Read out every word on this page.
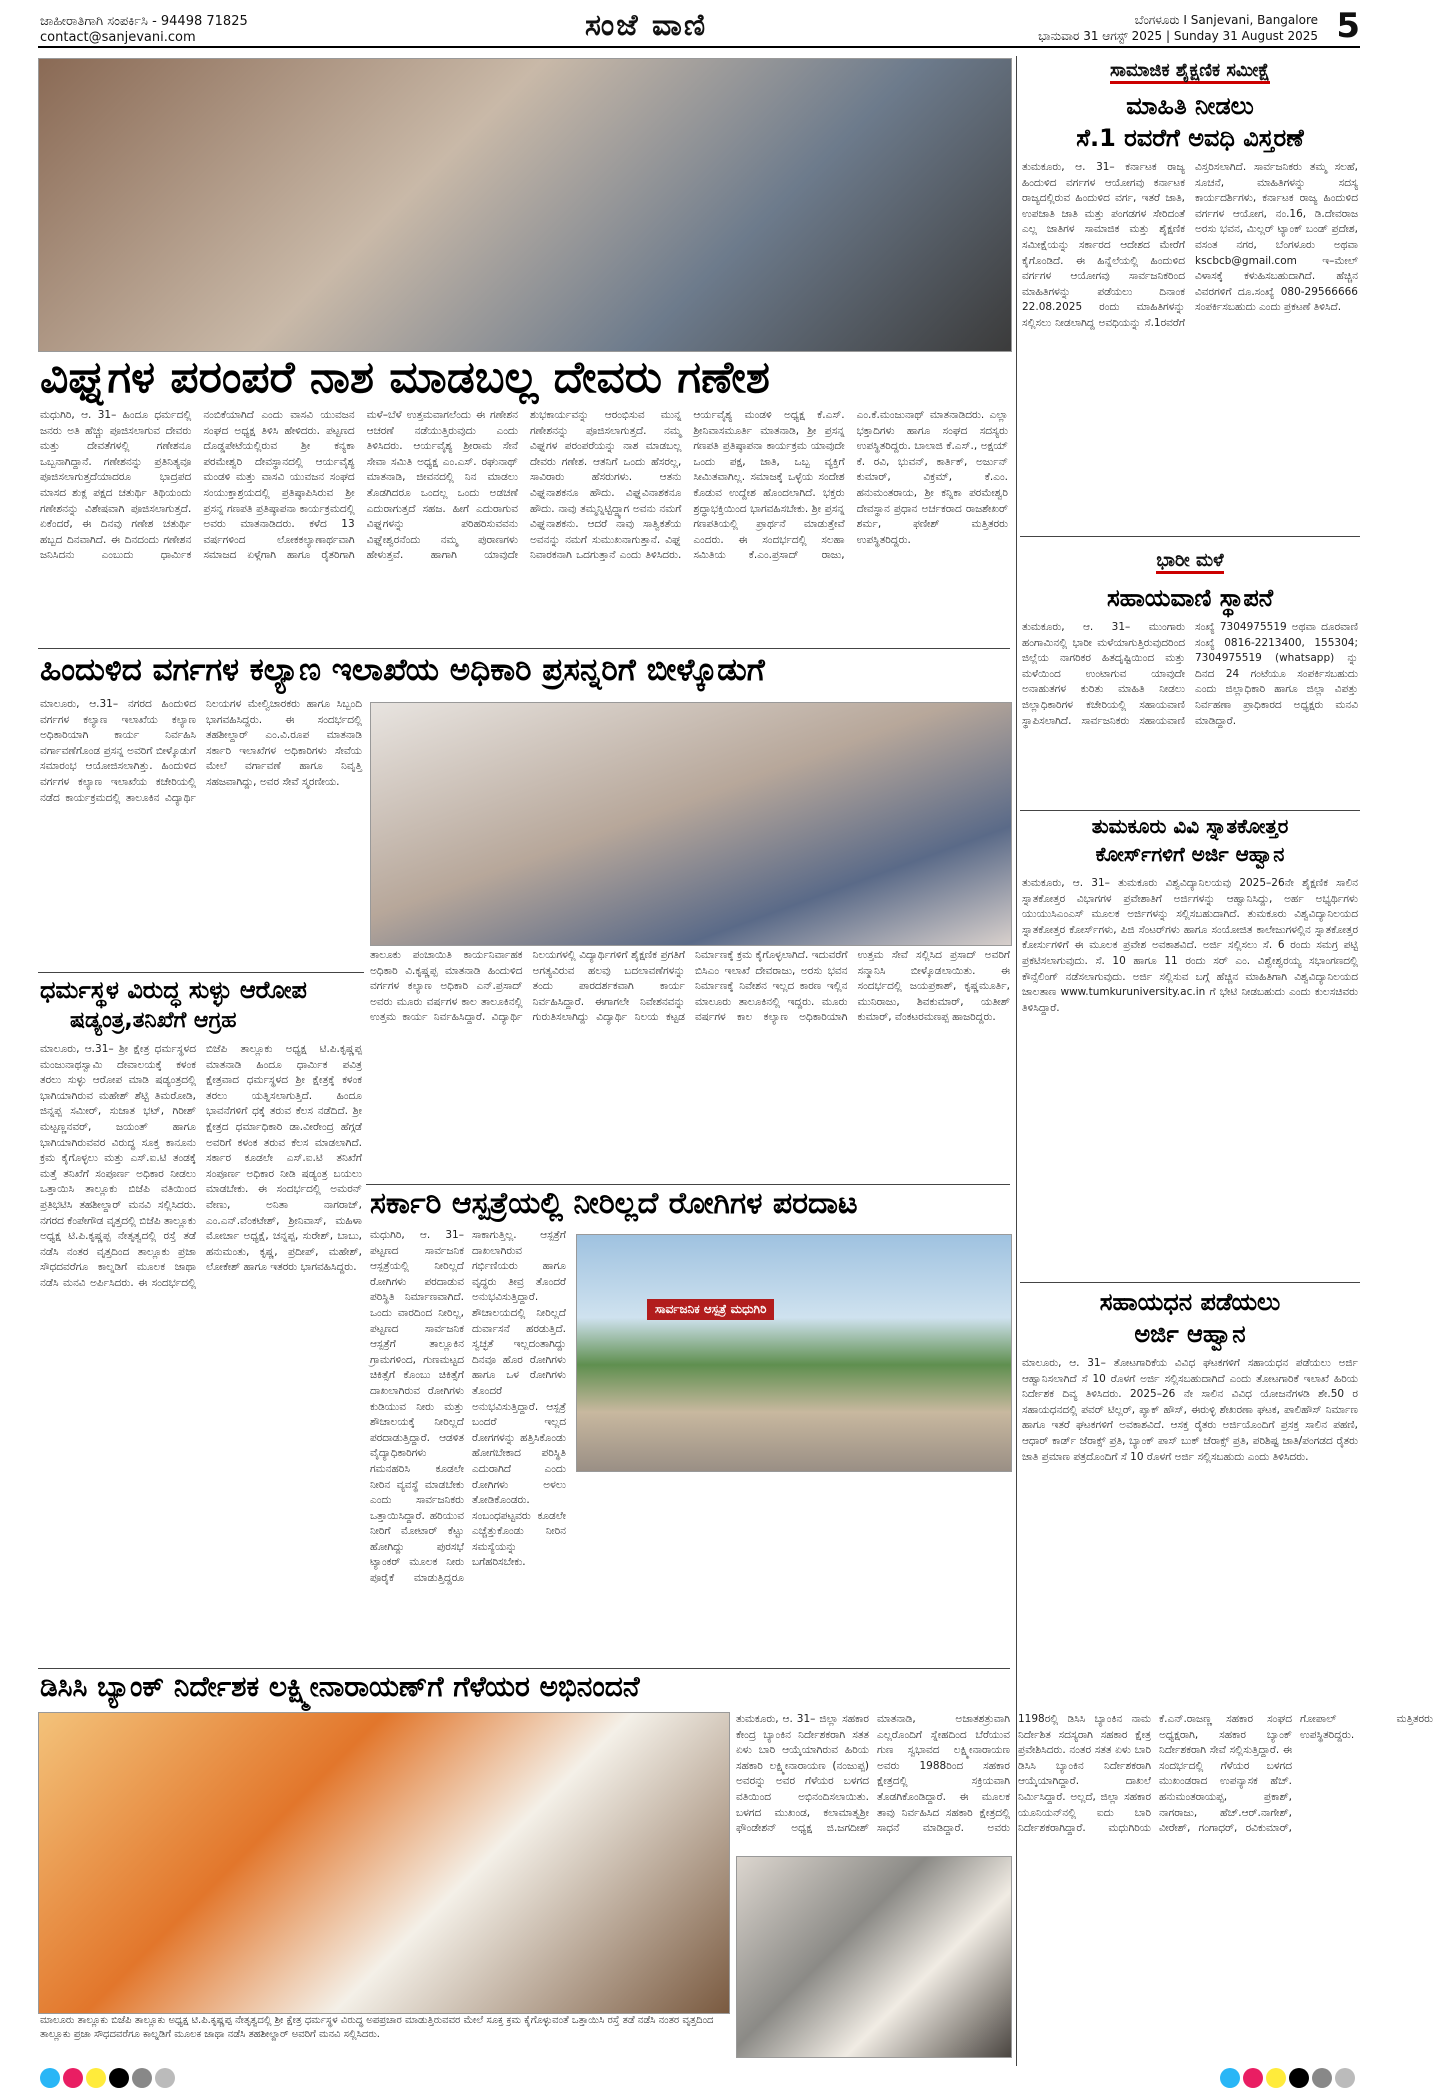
ಜಾಹೀರಾತಿಗಾಗಿ ಸಂಪರ್ಕಿಸಿ - 94498 71825
contact@sanjevani.com	ಸಂಜೆ ವಾಣಿ	ಬೆಂಗಳೂರು I Sanjevani, Bangalore
ಭಾನುವಾರ 31 ಆಗಸ್ಟ್ 2025 | Sunday 31 August 2025 5
ವಿಘ್ನಗಳ ಪರಂಪರೆ ನಾಶ ಮಾಡಬಲ್ಲ ದೇವರು ಗಣೇಶ
ಮಧುಗಿರಿ, ಆ. 31– ಹಿಂದೂ ಧರ್ಮದಲ್ಲಿ ಜನರು ಅತಿ ಹೆಚ್ಚು ಪೂಜಿಸಲಾಗುವ ದೇವರು ಮತ್ತು ದೇವತೆಗಳಲ್ಲಿ ಗಣೇಶನೂ ಒಬ್ಬನಾಗಿದ್ದಾನೆ. ಗಣೇಶನನ್ನು ಪ್ರತಿನಿತ್ಯವೂ ಪೂಜಿಸಲಾಗುತ್ತದೆಯಾದರೂ ಭಾದ್ರಪದ ಮಾಸದ ಶುಕ್ಲ ಪಕ್ಷದ ಚತುರ್ಥಿ ತಿಥಿಯಂದು ಗಣೇಶನನ್ನು ವಿಶೇಷವಾಗಿ ಪೂಜಿಸಲಾಗುತ್ತದೆ. ಏಕೆಂದರೆ, ಈ ದಿನವು ಗಣೇಶ ಚತುರ್ಥಿ ಹಬ್ಬದ ದಿನವಾಗಿದೆ. ಈ ದಿನದಂದು ಗಣೇಶನ ಜನಿಸಿದನು ಎಂಬುದು ಧಾರ್ಮಿಕ ನಂಬಿಕೆಯಾಗಿದೆ ಎಂದು ವಾಸವಿ ಯುವಜನ ಸಂಘದ ಅಧ್ಯಕ್ಷ ತಿಳಿಸಿ ಹೇಳಿದರು. ಪಟ್ಟಣದ ದೊಡ್ಡಪೇಟೆಯಲ್ಲಿರುವ ಶ್ರೀ ಕನ್ಯಕಾ ಪರಮೇಶ್ವರಿ ದೇವಸ್ಥಾನದಲ್ಲಿ ಆರ್ಯವೈಶ್ಯ ಮಂಡಳಿ ಮತ್ತು ವಾಸವಿ ಯುವಜನ ಸಂಘದ ಸಂಯುಕ್ತಾಶ್ರಯದಲ್ಲಿ ಪ್ರತಿಷ್ಠಾಪಿಸಿರುವ ಶ್ರೀ ಪ್ರಸನ್ನ ಗಣಪತಿ ಪ್ರತಿಷ್ಠಾಪನಾ ಕಾರ್ಯಕ್ರಮದಲ್ಲಿ ಅವರು ಮಾತನಾಡಿದರು. ಕಳೆದ 13 ವರ್ಷಗಳಿಂದ ಲೋಕಕಲ್ಯಾಣಾರ್ಥವಾಗಿ ಸಮಾಜದ ಏಳ್ಗೆಗಾಗಿ ಹಾಗೂ ರೈತರಿಗಾಗಿ ಮಳೆ–ಬೆಳೆ ಉತ್ತಮವಾಗಲೆಂದು ಈ ಗಣೇಶನ ಆಚರಣೆ ನಡೆಯುತ್ತಿರುವುದು ಎಂದು ತಿಳಿಸಿದರು. ಆರ್ಯವೈಶ್ಯ ಶ್ರೀರಾಮ ಸೇನೆ ಸೇವಾ ಸಮಿತಿ ಅಧ್ಯಕ್ಷ ಎಂ.ಎಸ್. ರಘುನಾಥ್ ಮಾತನಾಡಿ, ಜೀವನದಲ್ಲಿ ನಿನ ಮಾಡಲು ತೊಡಗಿದರೂ ಒಂದಲ್ಲ ಒಂದು ಅಡಚಣೆ ಎದುರಾಗುತ್ತದೆ ಸಹಜ. ಹೀಗೆ ಎದುರಾಗುವ ವಿಘ್ನಗಳನ್ನು ಪರಿಹರಿಸುವವನು ವಿಘ್ನೇಶ್ವರನೆಂದು ನಮ್ಮ ಪುರಾಣಗಳು ಹೇಳುತ್ತವೆ. ಹಾಗಾಗಿ ಯಾವುದೇ ಶುಭಕಾರ್ಯವನ್ನು ಆರಂಭಿಸುವ ಮುನ್ನ ಗಣೇಶನನ್ನು ಪೂಜಿಸಲಾಗುತ್ತದೆ. ನಮ್ಮ ವಿಘ್ನಗಳ ಪರಂಪರೆಯನ್ನು ನಾಶ ಮಾಡಬಲ್ಲ ದೇವರು ಗಣೇಶ. ಆತನಿಗೆ ಒಂದು ಹೆಸರಲ್ಲ, ಸಾವಿರಾರು ಹೆಸರುಗಳು. ಆತನು ವಿಘ್ನನಾಶಕನೂ ಹೌದು. ವಿಘ್ನವಿನಾಶಕನೂ ಹೌದು. ನಾವು ತಮ್ಮನ್ನಿಟ್ಟಿದ್ದ್ಯಾಗ ಅವನು ನಮಗೆ ವಿಘ್ನನಾಶಕನು. ಆದರೆ ನಾವು ಸಾತ್ವಿಕತೆಯ ಅವನನ್ನು ನಮಗೆ ಸುಮುಖನಾಗುತ್ತಾನೆ. ವಿಘ್ನ ನಿವಾರಕನಾಗಿ ಒದಗುತ್ತಾನೆ ಎಂದು ತಿಳಿಸಿದರು. ಆರ್ಯವೈಶ್ಯ ಮಂಡಳಿ ಅಧ್ಯಕ್ಷ ಕೆ.ಎಸ್. ಶ್ರೀನಿವಾಸಮೂರ್ತಿ ಮಾತನಾಡಿ, ಶ್ರೀ ಪ್ರಸನ್ನ ಗಣಪತಿ ಪ್ರತಿಷ್ಠಾಪನಾ ಕಾರ್ಯಕ್ರಮ ಯಾವುದೇ ಒಂದು ಪಕ್ಷ, ಜಾತಿ, ಒಬ್ಬ ವ್ಯಕ್ತಿಗೆ ಸೀಮಿತವಾಗಿಲ್ಲ. ಸಮಾಜಕ್ಕೆ ಒಳ್ಳೆಯ ಸಂದೇಶ ಕೊಡುವ ಉದ್ದೇಶ ಹೊಂದಲಾಗಿದೆ. ಭಕ್ತರು ಶ್ರದ್ಧಾಭಕ್ತಿಯಿಂದ ಭಾಗವಹಿಸಬೇಕು. ಶ್ರೀ ಪ್ರಸನ್ನ ಗಣಪತಿಯಲ್ಲಿ ಪ್ರಾರ್ಥನೆ ಮಾಡುತ್ತೇವೆ ಎಂದರು. ಈ ಸಂದರ್ಭದಲ್ಲಿ ಸಲಹಾ ಸಮಿತಿಯ ಕೆ.ಎಂ.ಪ್ರಸಾದ್ ರಾಜು, ಎಂ.ಕೆ.ಮಂಜುನಾಥ್ ಮಾತನಾಡಿದರು. ಎಲ್ಲಾ ಭಕ್ತಾದಿಗಳು ಹಾಗೂ ಸಂಘದ ಸದಸ್ಯರು ಉಪಸ್ಥಿತರಿದ್ದರು. ಬಾಲಾಜಿ ಕೆ.ಎಸ್., ಅಕ್ಷಯ್ ಕೆ. ರವಿ, ಭುವನ್, ಕಾರ್ತಿಕ್, ಅರ್ಜುನ್ ಕುಮಾರ್, ವಿಕ್ರಮ್, ಕೆ.ಎಂ. ಹನುಮಂತರಾಯ, ಶ್ರೀ ಕನ್ನಿಕಾ ಪರಮೇಶ್ವರಿ ದೇವಸ್ಥಾನ ಪ್ರಧಾನ ಅರ್ಚಕರಾದ ರಾಜಶೇಖರ್ ಶರ್ಮ, ಫಣೀಶ್ ಮತ್ತಿತರರು ಉಪಸ್ಥಿತರಿದ್ದರು.
ಹಿಂದುಳಿದ ವರ್ಗಗಳ ಕಲ್ಯಾಣ ಇಲಾಖೆಯ ಅಧಿಕಾರಿ ಪ್ರಸನ್ನರಿಗೆ ಬೀಳ್ಕೊಡುಗೆ
ಮಾಲೂರು, ಆ.31– ನಗರದ ಹಿಂದುಳಿದ ವರ್ಗಗಳ ಕಲ್ಯಾಣ ಇಲಾಖೆಯ ಕಲ್ಯಾಣ ಅಧಿಕಾರಿಯಾಗಿ ಕಾರ್ಯ ನಿರ್ವಹಿಸಿ ವರ್ಗಾವಣೆಗೊಂಡ ಪ್ರಸನ್ನ ಅವರಿಗೆ ಬೀಳ್ಕೊಡುಗೆ ಸಮಾರಂಭ ಆಯೋಜಿಸಲಾಗಿತ್ತು. ಹಿಂದುಳಿದ ವರ್ಗಗಳ ಕಲ್ಯಾಣ ಇಲಾಖೆಯ ಕಚೇರಿಯಲ್ಲಿ ನಡೆದ ಕಾರ್ಯಕ್ರಮದಲ್ಲಿ ತಾಲೂಕಿನ ವಿದ್ಯಾರ್ಥಿ ನಿಲಯಗಳ ಮೇಲ್ವಿಚಾರಕರು ಹಾಗೂ ಸಿಬ್ಬಂದಿ ಭಾಗವಹಿಸಿದ್ದರು. ಈ ಸಂದರ್ಭದಲ್ಲಿ ತಹಶೀಲ್ದಾರ್ ಎಂ.ವಿ.ರೂಪ ಮಾತನಾಡಿ ಸರ್ಕಾರಿ ಇಲಾಖೆಗಳ ಅಧಿಕಾರಿಗಳು ಸೇವೆಯ ಮೇಲೆ ವರ್ಗಾವಣೆ ಹಾಗೂ ನಿವೃತ್ತಿ ಸಹಜವಾಗಿದ್ದು, ಅವರ ಸೇವೆ ಸ್ಮರಣೀಯ.
ತಾಲೂಕು ಪಂಚಾಯಿತಿ ಕಾರ್ಯನಿರ್ವಾಹಕ ಅಧಿಕಾರಿ ವಿ.ಕೃಷ್ಣಪ್ಪ ಮಾತನಾಡಿ ಹಿಂದುಳಿದ ವರ್ಗಗಳ ಕಲ್ಯಾಣ ಅಧಿಕಾರಿ ಎನ್.ಪ್ರಸಾದ್ ಅವರು ಮೂರು ವರ್ಷಗಳ ಕಾಲ ತಾಲೂಕಿನಲ್ಲಿ ಉತ್ತಮ ಕಾರ್ಯ ನಿರ್ವಹಿಸಿದ್ದಾರೆ. ವಿದ್ಯಾರ್ಥಿ ನಿಲಯಗಳಲ್ಲಿ ವಿದ್ಯಾರ್ಥಿಗಳಿಗೆ ಶೈಕ್ಷಣಿಕ ಪ್ರಗತಿಗೆ ಅಗತ್ಯವಿರುವ ಹಲವು ಬದಲಾವಣೆಗಳನ್ನು ತಂದು ಪಾರದರ್ಶಕವಾಗಿ ಕಾರ್ಯ ನಿರ್ವಹಿಸಿದ್ದಾರೆ. ಈಗಾಗಲೇ ನಿವೇಶನವನ್ನು ಗುರುತಿಸಲಾಗಿದ್ದು ವಿದ್ಯಾರ್ಥಿ ನಿಲಯ ಕಟ್ಟಡ ನಿರ್ಮಾಣಕ್ಕೆ ಕ್ರಮ ಕೈಗೊಳ್ಳಲಾಗಿದೆ. ಇದುವರೆಗೆ ಬಿಸಿಎಂ ಇಲಾಖೆ ದೇವರಾಜು, ಅರಸು ಭವನ ನಿರ್ಮಾಣಕ್ಕೆ ನಿವೇಶನ ಇಲ್ಲದ ಕಾರಣ ಇಲ್ಲಿನ ಮಾಲೂರು ತಾಲೂಕಿನಲ್ಲಿ ಇದ್ದರು. ಮೂರು ವರ್ಷಗಳ ಕಾಲ ಕಲ್ಯಾಣ ಅಧಿಕಾರಿಯಾಗಿ ಉತ್ತಮ ಸೇವೆ ಸಲ್ಲಿಸಿದ ಪ್ರಸಾದ್ ಅವರಿಗೆ ಸನ್ಮಾನಿಸಿ ಬೀಳ್ಕೊಡಲಾಯಿತು. ಈ ಸಂದರ್ಭದಲ್ಲಿ ಜಯಪ್ರಕಾಶ್, ಕೃಷ್ಣಮೂರ್ತಿ, ಮುನಿರಾಜು, ಶಿವಕುಮಾರ್, ಯತೀಶ್ ಕುಮಾರ್, ವೆಂಕಟರಮಣಪ್ಪ ಹಾಜರಿದ್ದರು.
ಧರ್ಮಸ್ಥಳ ವಿರುದ್ಧ ಸುಳ್ಳು ಆರೋಪ
ಷಡ್ಯಂತ್ರ,ತನಿಖೆಗೆ ಆಗ್ರಹ
ಮಾಲೂರು, ಆ.31– ಶ್ರೀ ಕ್ಷೇತ್ರ ಧರ್ಮಸ್ಥಳದ ಮಂಜುನಾಥಸ್ವಾಮಿ ದೇವಾಲಯಕ್ಕೆ ಕಳಂಕ ತರಲು ಸುಳ್ಳು ಆರೋಪ ಮಾಡಿ ಷಡ್ಯಂತ್ರದಲ್ಲಿ ಭಾಗಿಯಾಗಿರುವ ಮಹೇಶ್ ಶೆಟ್ಟಿ ತಿಮರೋಡಿ, ಜಿನ್ನಪ್ಪ ಸಮೀರ್, ಸುಜಾತ ಭಟ್, ಗಿರೀಶ್ ಮಟ್ಟಣ್ಣನವರ್, ಜಯಂತ್ ಹಾಗೂ ಭಾಗಿಯಾಗಿರುವವರ ವಿರುದ್ಧ ಸೂಕ್ತ ಕಾನೂನು ಕ್ರಮ ಕೈಗೊಳ್ಳಲು ಮತ್ತು ಎಸ್.ಐ.ಟಿ ತಂಡಕ್ಕೆ ಮತ್ತೆ ತನಿಖೆಗೆ ಸಂಪೂರ್ಣ ಅಧಿಕಾರ ನೀಡಲು ಒತ್ತಾಯಿಸಿ ತಾಲ್ಲೂಕು ಬಿಜೆಪಿ ವತಿಯಿಂದ ಪ್ರತಿಭಟಿಸಿ ತಹಶೀಲ್ದಾರ್ ಮನವಿ ಸಲ್ಲಿಸಿದರು. ನಗರದ ಕೆಂಪೇಗೌಡ ವೃತ್ತದಲ್ಲಿ ಬಿಜೆಪಿ ತಾಲ್ಲೂಕು ಅಧ್ಯಕ್ಷ ಟಿ.ಪಿ.ಕೃಷ್ಣಪ್ಪ ನೇತೃತ್ವದಲ್ಲಿ ರಸ್ತೆ ತಡೆ ನಡೆಸಿ ನಂತರ ವೃತ್ತದಿಂದ ತಾಲ್ಲೂಕು ಪ್ರಜಾ ಸೌಧದವರೆಗೂ ಕಾಲ್ನಡಿಗೆ ಮೂಲಕ ಜಾಥಾ ನಡೆಸಿ ಮನವಿ ಅರ್ಪಿಸಿದರು. ಈ ಸಂದರ್ಭದಲ್ಲಿ ಬಿಜೆಪಿ ತಾಲ್ಲೂಕು ಅಧ್ಯಕ್ಷ ಟಿ.ಪಿ.ಕೃಷ್ಣಪ್ಪ ಮಾತನಾಡಿ ಹಿಂದೂ ಧಾರ್ಮಿಕ ಪವಿತ್ರ ಕ್ಷೇತ್ರವಾದ ಧರ್ಮಸ್ಥಳದ ಶ್ರೀ ಕ್ಷೇತ್ರಕ್ಕೆ ಕಳಂಕ ತರಲು ಯತ್ನಿಸಲಾಗುತ್ತಿದೆ. ಹಿಂದೂ ಭಾವನೆಗಳಿಗೆ ಧಕ್ಕೆ ತರುವ ಕೆಲಸ ನಡೆದಿದೆ. ಶ್ರೀ ಕ್ಷೇತ್ರದ ಧರ್ಮಾಧಿಕಾರಿ ಡಾ.ವೀರೇಂದ್ರ ಹೆಗ್ಗಡೆ ಅವರಿಗೆ ಕಳಂಕ ತರುವ ಕೆಲಸ ಮಾಡಲಾಗಿದೆ. ಸರ್ಕಾರ ಕೂಡಲೇ ಎಸ್.ಐ.ಟಿ ತನಿಖೆಗೆ ಸಂಪೂರ್ಣ ಅಧಿಕಾರ ನೀಡಿ ಷಡ್ಯಂತ್ರ ಬಯಲು ಮಾಡಬೇಕು. ಈ ಸಂದರ್ಭದಲ್ಲಿ ಅಮರನ್ ವೇಣು, ಅನಿತಾ ನಾಗರಾಜ್, ಎಂ.ಎನ್.ವೆಂಕಟೇಶ್, ಶ್ರೀನಿವಾಸ್, ಮಹಿಳಾ ಮೋರ್ಚಾ ಅಧ್ಯಕ್ಷೆ, ಚನ್ನಪ್ಪ, ಸುರೇಶ್, ಬಾಬು, ಹನುಮಂತು, ಕೃಷ್ಣ, ಪ್ರದೀಪ್, ಮಹೇಶ್, ಲೋಕೇಶ್ ಹಾಗೂ ಇತರರು ಭಾಗವಹಿಸಿದ್ದರು.
ಸರ್ಕಾರಿ ಆಸ್ಪತ್ರೆಯಲ್ಲಿ ನೀರಿಲ್ಲದೆ ರೋಗಿಗಳ ಪರದಾಟ
ಮಧುಗಿರಿ, ಆ. 31– ಪಟ್ಟಣದ ಸಾರ್ವಜನಿಕ ಆಸ್ಪತ್ರೆಯಲ್ಲಿ ನೀರಿಲ್ಲದೆ ರೋಗಿಗಳು ಪರದಾಡುವ ಪರಿಸ್ಥಿತಿ ನಿರ್ಮಾಣವಾಗಿದೆ. ಒಂದು ವಾರದಿಂದ ನೀರಿಲ್ಲ, ಪಟ್ಟಣದ ಸಾರ್ವಜನಿಕ ಆಸ್ಪತ್ರೆಗೆ ತಾಲ್ಲೂಕಿನ ಗ್ರಾಮಗಳಿಂದ, ಗುಣಮಟ್ಟದ ಚಿಕಿತ್ಸೆಗೆ ಕೊಂಬು ಚಿಕಿತ್ಸೆಗೆ ದಾಖಲಾಗಿರುವ ರೋಗಿಗಳು ಕುಡಿಯುವ ನೀರು ಮತ್ತು ಶೌಚಾಲಯಕ್ಕೆ ನೀರಿಲ್ಲದೆ ಪರದಾಡುತ್ತಿದ್ದಾರೆ. ಆಡಳಿತ ವೈದ್ಯಾಧಿಕಾರಿಗಳು ಗಮನಹರಿಸಿ ಕೂಡಲೇ ನೀರಿನ ವ್ಯವಸ್ಥೆ ಮಾಡಬೇಕು ಎಂದು ಸಾರ್ವಜನಿಕರು ಒತ್ತಾಯಿಸಿದ್ದಾರೆ. ಹರಿಯುವ ನೀರಿಗೆ ಮೋಟಾರ್ ಕೆಟ್ಟು ಹೋಗಿದ್ದು ಪುರಸಭೆ ಟ್ಯಾಂಕರ್ ಮೂಲಕ ನೀರು ಪೂರೈಕೆ ಮಾಡುತ್ತಿದ್ದರೂ ಸಾಕಾಗುತ್ತಿಲ್ಲ. ಆಸ್ಪತ್ರೆಗೆ ದಾಖಲಾಗಿರುವ ಗರ್ಭಿಣಿಯರು ಹಾಗೂ ವೃದ್ಧರು ತೀವ್ರ ತೊಂದರೆ ಅನುಭವಿಸುತ್ತಿದ್ದಾರೆ. ಶೌಚಾಲಯದಲ್ಲಿ ನೀರಿಲ್ಲದೆ ದುರ್ವಾಸನೆ ಹರಡುತ್ತಿದೆ. ಸ್ವಚ್ಛತೆ ಇಲ್ಲದಂತಾಗಿದ್ದು ದಿನವೂ ಹೊರ ರೋಗಿಗಳು ಹಾಗೂ ಒಳ ರೋಗಿಗಳು ತೊಂದರೆ ಅನುಭವಿಸುತ್ತಿದ್ದಾರೆ. ಆಸ್ಪತ್ರೆ ಬಂದರೆ ಇಲ್ಲದ ರೋಗಗಳನ್ನು ಹತ್ತಿಸಿಕೊಂಡು ಹೋಗಬೇಕಾದ ಪರಿಸ್ಥಿತಿ ಎದುರಾಗಿದೆ ಎಂದು ರೋಗಿಗಳು ಅಳಲು ತೋಡಿಕೊಂಡರು. ಸಂಬಂಧಪಟ್ಟವರು ಕೂಡಲೇ ಎಚ್ಚೆತ್ತುಕೊಂಡು ನೀರಿನ ಸಮಸ್ಯೆಯನ್ನು ಬಗೆಹರಿಸಬೇಕು.
ಸಾರ್ವಜನಿಕ ಆಸ್ಪತ್ರೆ ಮಧುಗಿರಿ
ಡಿಸಿಸಿ ಬ್ಯಾಂಕ್ ನಿರ್ದೇಶಕ ಲಕ್ಷ್ಮೀನಾರಾಯಣ್‌ಗೆ ಗೆಳೆಯರ ಅಭಿನಂದನೆ
ಮಾಲೂರು ತಾಲ್ಲೂಕು ಬಿಜೆಪಿ ತಾಲ್ಲೂಕು ಅಧ್ಯಕ್ಷ ಟಿ.ಪಿ.ಕೃಷ್ಣಪ್ಪ ನೇತೃತ್ವದಲ್ಲಿ ಶ್ರೀ ಕ್ಷೇತ್ರ ಧರ್ಮಸ್ಥಳ ವಿರುದ್ಧ ಅಪಪ್ರಚಾರ ಮಾಡುತ್ತಿರುವವರ ಮೇಲೆ ಸೂಕ್ತ ಕ್ರಮ ಕೈಗೊಳ್ಳುವಂತೆ ಒತ್ತಾಯಿಸಿ ರಸ್ತೆ ತಡೆ ನಡೆಸಿ ನಂತರ ವೃತ್ತದಿಂದ ತಾಲ್ಲೂಕು ಪ್ರಜಾ ಸೌಧದವರೆಗೂ ಕಾಲ್ನಡಿಗೆ ಮೂಲಕ ಜಾಥಾ ನಡೆಸಿ ತಹಶೀಲ್ದಾರ್ ಅವರಿಗೆ ಮನವಿ ಸಲ್ಲಿಸಿದರು.
ತುಮಕೂರು, ಆ. 31– ಜಿಲ್ಲಾ ಸಹಕಾರ ಕೇಂದ್ರ ಬ್ಯಾಂಕಿನ ನಿರ್ದೇಶಕರಾಗಿ ಸತತ ಏಳು ಬಾರಿ ಆಯ್ಕೆಯಾಗಿರುವ ಹಿರಿಯ ಸಹಕಾರಿ ಲಕ್ಷ್ಮೀನಾರಾಯಣ (ನಂಜುಪ್ಪ) ಅವರನ್ನು ಅವರ ಗೆಳೆಯರ ಬಳಗದ ವತಿಯಿಂದ ಅಭಿನಂದಿಸಲಾಯಿತು. ಬಳಗದ ಮುಖಂಡ, ಕಲಾಮಾತೃಶ್ರೀ ಫೌಂಡೇಶನ್ ಅಧ್ಯಕ್ಷ ಜಿ.ಜಗದೀಶ್ ಮಾತನಾಡಿ, ಅಜಾತಶತ್ರುವಾಗಿ ಎಲ್ಲರೊಂದಿಗೆ ಸ್ನೇಹದಿಂದ ಬೆರೆಯುವ ಗುಣ ಸ್ವಭಾವದ ಲಕ್ಷ್ಮೀನಾರಾಯಣ ಅವರು 1988ರಿಂದ ಸಹಕಾರ ಕ್ಷೇತ್ರದಲ್ಲಿ ಸಕ್ರಿಯವಾಗಿ ತೊಡಗಿಕೊಂಡಿದ್ದಾರೆ. ಈ ಮೂಲಕ ತಾವು ನಿರ್ವಹಿಸಿದ ಸಹಕಾರಿ ಕ್ಷೇತ್ರದಲ್ಲಿ ಸಾಧನೆ ಮಾಡಿದ್ದಾರೆ. ಅವರು 1198ರಲ್ಲಿ ಡಿಸಿಸಿ ಬ್ಯಾಂಕಿನ ನಾಮ ನಿರ್ದೇಶಿತ ಸದಸ್ಯರಾಗಿ ಸಹಕಾರ ಕ್ಷೇತ್ರ ಪ್ರವೇಶಿಸಿದರು. ನಂತರ ಸತತ ಏಳು ಬಾರಿ ಡಿಸಿಸಿ ಬ್ಯಾಂಕಿನ ನಿರ್ದೇಶಕರಾಗಿ ಆಯ್ಕೆಯಾಗಿದ್ದಾರೆ. ದಾಖಲೆ ನಿರ್ಮಿಸಿದ್ದಾರೆ. ಅಲ್ಲದೆ, ಜಿಲ್ಲಾ ಸಹಕಾರ ಯೂನಿಯನ್‌ನಲ್ಲಿ ಐದು ಬಾರಿ ನಿರ್ದೇಶಕರಾಗಿದ್ದಾರೆ. ಮಧುಗಿರಿಯ ಕೆ.ಎನ್.ರಾಜಣ್ಣ ಸಹಕಾರ ಸಂಘದ ಅಧ್ಯಕ್ಷರಾಗಿ, ಸಹಕಾರ ಬ್ಯಾಂಕ್ ನಿರ್ದೇಶಕರಾಗಿ ಸೇವೆ ಸಲ್ಲಿಸುತ್ತಿದ್ದಾರೆ. ಈ ಸಂದರ್ಭದಲ್ಲಿ ಗೆಳೆಯರ ಬಳಗದ ಮುಖಂಡರಾದ ಉಪನ್ಯಾಸಕ ಹೆಚ್. ಹನುಮಂತರಾಯಪ್ಪ, ಪ್ರಕಾಶ್, ನಾಗರಾಜು, ಹೆಚ್.ಆರ್.ನಾಗೇಶ್, ವೀರೇಶ್, ಗಂಗಾಧರ್, ರವಿಕುಮಾರ್, ಗೋಪಾಲ್ ಮತ್ತಿತರರು ಉಪಸ್ಥಿತರಿದ್ದರು.
ಸಾಮಾಜಿಕ ಶೈಕ್ಷಣಿಕ ಸಮೀಕ್ಷೆ
ಮಾಹಿತಿ ನೀಡಲು
ಸೆ.1 ರವರೆಗೆ ಅವಧಿ ವಿಸ್ತರಣೆ
ತುಮಕೂರು, ಆ. 31– ಕರ್ನಾಟಕ ರಾಜ್ಯ ಹಿಂದುಳಿದ ವರ್ಗಗಳ ಆಯೋಗವು ಕರ್ನಾಟಕ ರಾಜ್ಯದಲ್ಲಿರುವ ಹಿಂದುಳಿದ ವರ್ಗ, ಇತರೆ ಜಾತಿ, ಉಪಜಾತಿ ಜಾತಿ ಮತ್ತು ಪಂಗಡಗಳ ಸೇರಿದಂತೆ ಎಲ್ಲ ಜಾತಿಗಳ ಸಾಮಾಜಿಕ ಮತ್ತು ಶೈಕ್ಷಣಿಕ ಸಮೀಕ್ಷೆಯನ್ನು ಸರ್ಕಾರದ ಆದೇಶದ ಮೇರೆಗೆ ಕೈಗೊಂಡಿದೆ. ಈ ಹಿನ್ನೆಲೆಯಲ್ಲಿ ಹಿಂದುಳಿದ ವರ್ಗಗಳ ಆಯೋಗವು ಸಾರ್ವಜನಿಕರಿಂದ ಮಾಹಿತಿಗಳನ್ನು ಪಡೆಯಲು ದಿನಾಂಕ 22.08.2025 ರಂದು ಮಾಹಿತಿಗಳನ್ನು ಸಲ್ಲಿಸಲು ನೀಡಲಾಗಿದ್ದ ಅವಧಿಯನ್ನು ಸೆ.1ರವರೆಗೆ ವಿಸ್ತರಿಸಲಾಗಿದೆ. ಸಾರ್ವಜನಿಕರು ತಮ್ಮ ಸಲಹೆ, ಸೂಚನೆ, ಮಾಹಿತಿಗಳನ್ನು ಸದಸ್ಯ ಕಾರ್ಯದರ್ಶಿಗಳು, ಕರ್ನಾಟಕ ರಾಜ್ಯ ಹಿಂದುಳಿದ ವರ್ಗಗಳ ಆಯೋಗ, ನಂ.16, ಡಿ.ದೇವರಾಜ ಅರಸು ಭವನ, ಮಿಲ್ಲರ್ ಟ್ಯಾಂಕ್ ಬಂಡ್ ಪ್ರದೇಶ, ವಸಂತ ನಗರ, ಬೆಂಗಳೂರು ಅಥವಾ kscbcb@gmail.com ಇ–ಮೇಲ್ ವಿಳಾಸಕ್ಕೆ ಕಳುಹಿಸಬಹುದಾಗಿದೆ. ಹೆಚ್ಚಿನ ವಿವರಗಳಿಗೆ ದೂ.ಸಂಖ್ಯೆ 080-29566666 ಸಂಪರ್ಕಿಸಬಹುದು ಎಂದು ಪ್ರಕಟಣೆ ತಿಳಿಸಿದೆ.
ಭಾರೀ ಮಳೆ
ಸಹಾಯವಾಣಿ ಸ್ಥಾಪನೆ
ತುಮಕೂರು, ಆ. 31– ಮುಂಗಾರು ಹಂಗಾಮಿನಲ್ಲಿ ಭಾರೀ ಮಳೆಯಾಗುತ್ತಿರುವುದರಿಂದ ಜಿಲ್ಲೆಯ ನಾಗರಿಕರ ಹಿತದೃಷ್ಟಿಯಿಂದ ಮತ್ತು ಮಳೆಯಿಂದ ಉಂಟಾಗುವ ಯಾವುದೇ ಅನಾಹುತಗಳ ಕುರಿತು ಮಾಹಿತಿ ನೀಡಲು ಜಿಲ್ಲಾಧಿಕಾರಿಗಳ ಕಚೇರಿಯಲ್ಲಿ ಸಹಾಯವಾಣಿ ಸ್ಥಾಪಿಸಲಾಗಿದೆ. ಸಾರ್ವಜನಿಕರು ಸಹಾಯವಾಣಿ ಸಂಖ್ಯೆ 7304975519 ಅಥವಾ ದೂರವಾಣಿ ಸಂಖ್ಯೆ 0816-2213400, 155304; 7304975519 (whatsapp) ನ್ನು ದಿನದ 24 ಗಂಟೆಯೂ ಸಂಪರ್ಕಿಸಬಹುದು ಎಂದು ಜಿಲ್ಲಾಧಿಕಾರಿ ಹಾಗೂ ಜಿಲ್ಲಾ ವಿಪತ್ತು ನಿರ್ವಹಣಾ ಪ್ರಾಧಿಕಾರದ ಅಧ್ಯಕ್ಷರು ಮನವಿ ಮಾಡಿದ್ದಾರೆ.
ತುಮಕೂರು ವಿವಿ ಸ್ನಾತಕೋತ್ತರ
ಕೋರ್ಸ್‌ಗಳಿಗೆ ಅರ್ಜಿ ಆಹ್ವಾನ
ತುಮಕೂರು, ಆ. 31– ತುಮಕೂರು ವಿಶ್ವವಿದ್ಯಾನಿಲಯವು 2025–26ನೇ ಶೈಕ್ಷಣಿಕ ಸಾಲಿನ ಸ್ನಾತಕೋತ್ತರ ವಿಭಾಗಗಳ ಪ್ರವೇಶಾತಿಗೆ ಅರ್ಜಿಗಳನ್ನು ಆಹ್ವಾನಿಸಿದ್ದು, ಅರ್ಹ ಅಭ್ಯರ್ಥಿಗಳು ಯುಯುಸಿಎಂಎಸ್ ಮೂಲಕ ಅರ್ಜಿಗಳನ್ನು ಸಲ್ಲಿಸಬಹುದಾಗಿದೆ. ತುಮಕೂರು ವಿಶ್ವವಿದ್ಯಾನಿಲಯದ ಸ್ನಾತಕೋತ್ತರ ಕೋರ್ಸ್‌ಗಳು, ಪಿಜಿ ಸೆಂಟರ್‌ಗಳು ಹಾಗೂ ಸಂಯೋಜಿತ ಕಾಲೇಜುಗಳಲ್ಲಿನ ಸ್ನಾತಕೋತ್ತರ ಕೋರ್ಸುಗಳಿಗೆ ಈ ಮೂಲಕ ಪ್ರವೇಶ ಅವಕಾಶವಿದೆ. ಅರ್ಜಿ ಸಲ್ಲಿಸಲು ಸೆ. 6 ರಂದು ಸಮಗ್ರ ಪಟ್ಟಿ ಪ್ರಕಟಿಸಲಾಗುವುದು. ಸೆ. 10 ಹಾಗೂ 11 ರಂದು ಸರ್ ಎಂ. ವಿಶ್ವೇಶ್ವರಯ್ಯ ಸಭಾಂಗಣದಲ್ಲಿ ಕೌನ್ಸೆಲಿಂಗ್ ನಡೆಸಲಾಗುವುದು. ಅರ್ಜಿ ಸಲ್ಲಿಸುವ ಬಗ್ಗೆ ಹೆಚ್ಚಿನ ಮಾಹಿತಿಗಾಗಿ ವಿಶ್ವವಿದ್ಯಾನಿಲಯದ ಜಾಲತಾಣ www.tumkuruniversity.ac.in ಗೆ ಭೇಟಿ ನೀಡಬಹುದು ಎಂದು ಕುಲಸಚಿವರು ತಿಳಿಸಿದ್ದಾರೆ.
ಸಹಾಯಧನ ಪಡೆಯಲು
ಅರ್ಜಿ ಆಹ್ವಾನ
ಮಾಲೂರು, ಆ. 31– ತೋಟಗಾರಿಕೆಯ ವಿವಿಧ ಘಟಕಗಳಿಗೆ ಸಹಾಯಧನ ಪಡೆಯಲು ಅರ್ಜಿ ಆಹ್ವಾನಿಸಲಾಗಿದೆ ಸೆ 10 ರೊಳಗೆ ಅರ್ಜಿ ಸಲ್ಲಿಸಬಹುದಾಗಿದೆ ಎಂದು ತೋಟಗಾರಿಕೆ ಇಲಾಖೆ ಹಿರಿಯ ನಿರ್ದೇಶಕ ದಿವ್ಯ ತಿಳಿಸಿದರು. 2025–26 ನೇ ಸಾಲಿನ ವಿವಿಧ ಯೋಜನೆಗಳಡಿ ಶೇ.50 ರ ಸಹಾಯಧನದಲ್ಲಿ ಪವರ್ ಟಿಲ್ಲರ್, ಪ್ಯಾಕ್ ಹೌಸ್, ಈರುಳ್ಳಿ ಶೇಖರಣಾ ಘಟಕ, ಪಾಲಿಹೌಸ್ ನಿರ್ಮಾಣ ಹಾಗೂ ಇತರೆ ಘಟಕಗಳಿಗೆ ಅವಕಾಶವಿದೆ. ಆಸಕ್ತ ರೈತರು ಅರ್ಜಿಯೊಂದಿಗೆ ಪ್ರಸಕ್ತ ಸಾಲಿನ ಪಹಣಿ, ಆಧಾರ್ ಕಾರ್ಡ್ ಜೆರಾಕ್ಸ್ ಪ್ರತಿ, ಬ್ಯಾಂಕ್ ಪಾಸ್ ಬುಕ್ ಜೆರಾಕ್ಸ್ ಪ್ರತಿ, ಪರಿಶಿಷ್ಟ ಜಾತಿ/ಪಂಗಡದ ರೈತರು ಜಾತಿ ಪ್ರಮಾಣ ಪತ್ರದೊಂದಿಗೆ ಸೆ 10 ರೊಳಗೆ ಅರ್ಜಿ ಸಲ್ಲಿಸಬಹುದು ಎಂದು ತಿಳಿಸಿದರು.
